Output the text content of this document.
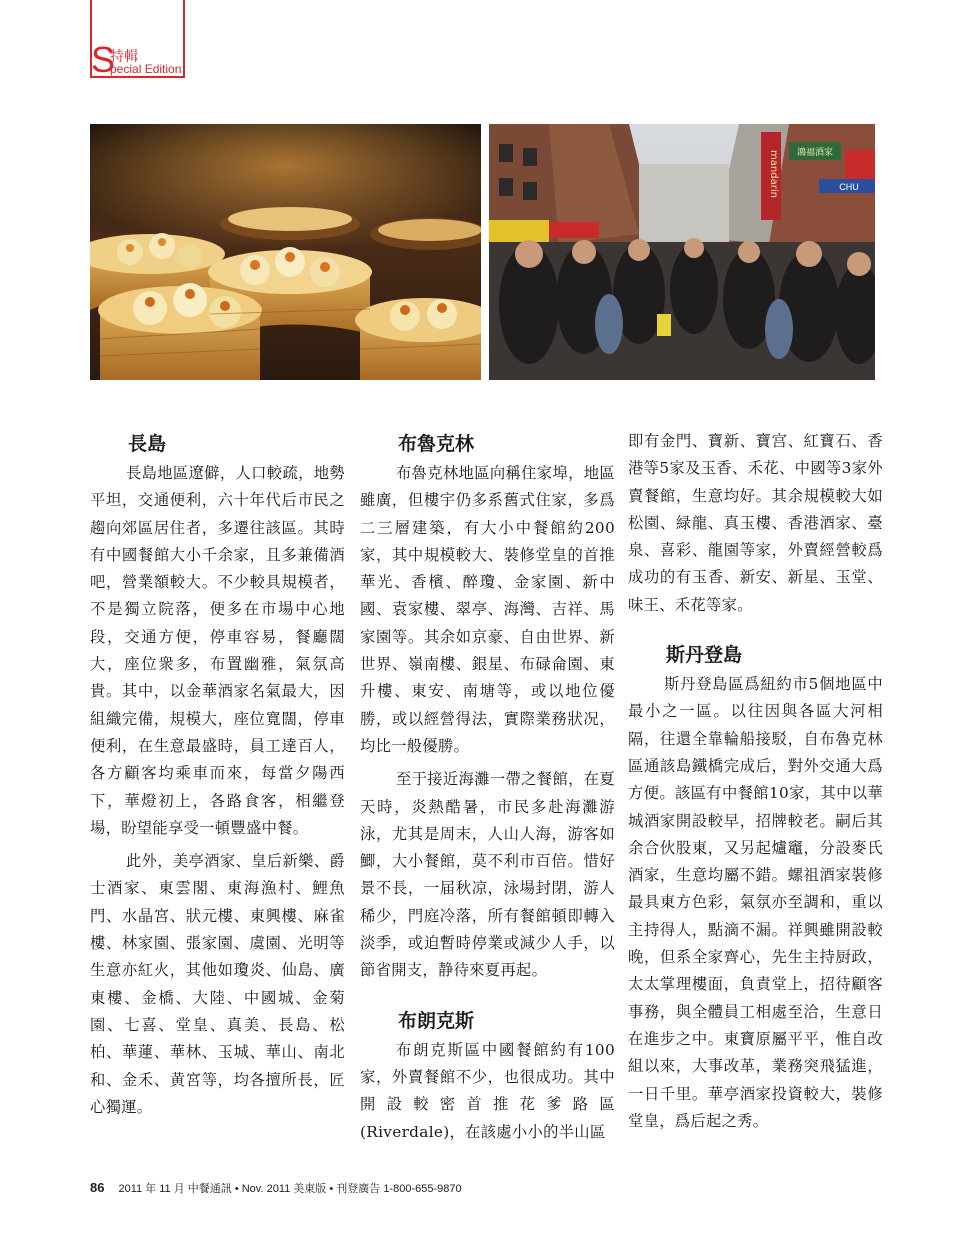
S
特輯
pecial Edition
mandarin 鴻福酒家
CHU
長島

長島地區遼僻，人口較疏，地勢平坦，交通便利，六十年代后市民之趨向郊區居住者，多遷往該區。其時有中國餐館大小千余家，且多兼備酒吧，營業額較大。不少較具規模者，不是獨立院落，便多在市場中心地段，交通方便，停車容易，餐廳闊大，座位衆多，布置幽雅，氣氛高貴。其中，以金華酒家名氣最大，因組織完備，規模大，座位寬闊，停車便利，在生意最盛時，員工達百人，各方顧客均乘車而來，每當夕陽西下，華燈初上，各路食客，相繼登場，盼望能享受一頓豐盛中餐。

此外，美亭酒家、皇后新樂、爵士酒家、東雲閣、東海漁村、鯉魚門、水晶宮、狀元樓、東興樓、麻雀樓、林家園、張家園、虞園、光明等生意亦紅火，其他如瓊炎、仙島、廣東樓、金橋、大陸、中國城、金菊園、七喜、堂皇、真美、長島、松柏、華蓮、華林、玉城、華山、南北和、金禾、黄宮等，均各擅所長，匠心獨運。

布魯克林

布魯克林地區向稱住家埠，地區雖廣，但樓宇仍多系舊式住家，多爲二三層建築，有大小中餐館約200家，其中規模較大、裝修堂皇的首推華光、香檳、醉瓊、金家園、新中國、袁家樓、翠亭、海灣、吉祥、馬家園等。其余如京豪、自由世界、新世界、嶺南樓、銀星、布碌侖園、東升樓、東安、南塘等，或以地位優勝，或以經營得法，實際業務狀况，均比一般優勝。

至于接近海灘一帶之餐館，在夏天時，炎熱酷暑，市民多赴海灘游泳，尤其是周末，人山人海，游客如鯽，大小餐館，莫不利市百倍。惜好景不長，一届秋凉，泳場封閉，游人稀少，門庭冷落，所有餐館頓即轉入淡季，或迫暫時停業或減少人手，以節省開支，静待來夏再起。

布朗克斯

布朗克斯區中國餐館約有100家，外賣餐館不少，也很成功。其中開設較密首推花爹路區(Riverdale)，在該處小小的半山區

即有金門、寶新、寶宫、紅寶石、香港等5家及玉香、禾花、中國等3家外賣餐館，生意均好。其余規模較大如松園、緑龍、真玉樓、香港酒家、臺泉、喜彩、龍園等家，外賣經營較爲成功的有玉香、新安、新星、玉堂、味王、禾花等家。

斯丹登島

斯丹登島區爲紐約市5個地區中最小之一區。以往因與各區大河相隔，往還全靠輪船接駁，自布魯克林區通該島鐵橋完成后，對外交通大爲方便。該區有中餐館10家，其中以華城酒家開設較早，招牌較老。嗣后其余合伙股東，又另起爐竈，分設麥氏酒家，生意均屬不錯。螺祖酒家裝修最具東方色彩，氣氛亦至調和，重以主持得人，點滴不漏。祥興雖開設較晚，但系全家齊心，先生主持厨政，太太掌理樓面，負責堂上，招待顧客事務，與全體員工相處至洽，生意日在進步之中。東寶原屬平平，惟自改組以來，大事改革，業務突飛猛進，一日千里。華亭酒家投資較大，裝修堂皇，爲后起之秀。

86 2011 年 11 月 中餐通訊 • Nov. 2011 美東版 • 刊登廣告 1-800-655-9870
